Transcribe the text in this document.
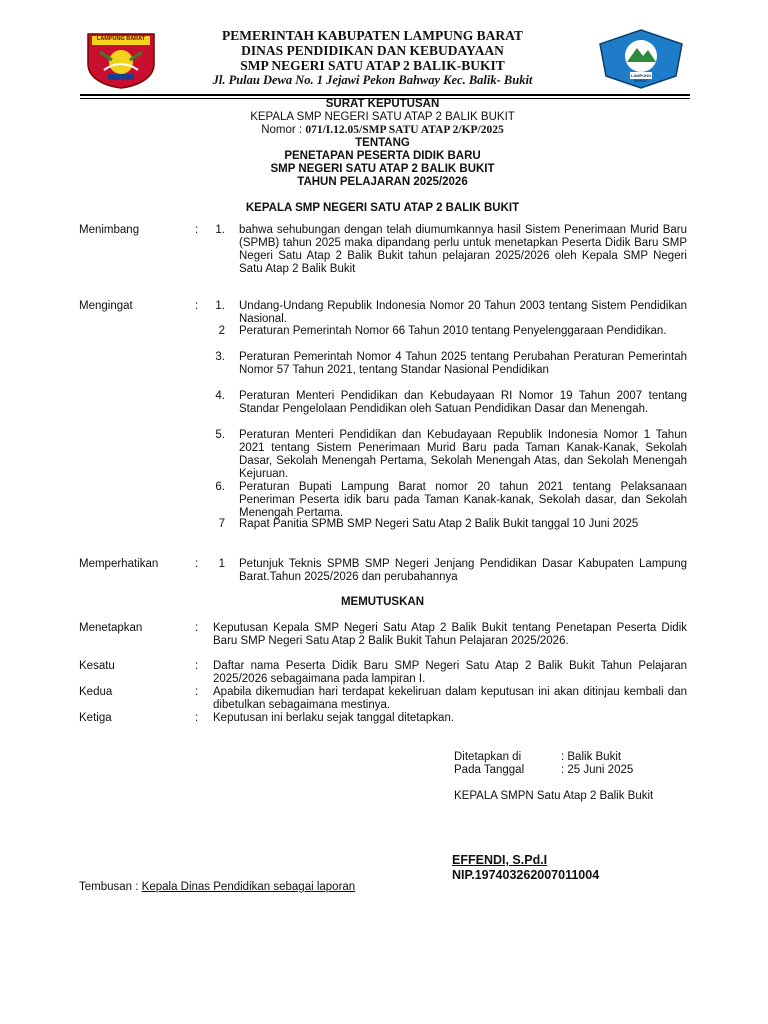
LAMPUNG BARAT
LAMPUNG BARAT
PEMERINTAH KABUPATEN LAMPUNG BARAT
DINAS PENDIDIKAN DAN KEBUDAYAAN
SMP NEGERI SATU ATAP 2 BALIK-BUKIT
Jl. Pulau Dewa No. 1 Jejawi Pekon Bahway Kec. Balik- Bukit
SURAT KEPUTUSAN
KEPALA SMP NEGERI SATU ATAP 2 BALIK BUKIT
Nomor : 071/I.12.05/SMP SATU ATAP 2/KP/2025
TENTANG
PENETAPAN PESERTA DIDIK BARU
SMP NEGERI SATU ATAP 2 BALIK BUKIT
TAHUN PELAJARAN 2025/2026
KEPALA SMP NEGERI SATU ATAP 2 BALIK BUKIT
Menimbang	:	1. bahwa sehubungan dengan telah diumumkannya hasil Sistem Penerimaan Murid Baru (SPMB) tahun 2025 maka dipandang perlu untuk menetapkan Peserta Didik Baru SMP Negeri Satu Atap 2 Balik Bukit tahun pelajaran 2025/2026 oleh Kepala SMP Negeri Satu Atap 2 Balik Bukit
Mengingat	:	1. Undang-Undang Republik Indonesia Nomor 20 Tahun 2003 tentang Sistem Pendidikan Nasional.
2 Peraturan Pemerintah Nomor 66 Tahun 2010 tentang Penyelenggaraan Pendidikan.
3. Peraturan Pemerintah Nomor 4 Tahun 2025 tentang Perubahan Peraturan Pemerintah Nomor 57 Tahun 2021, tentang Standar Nasional Pendidikan
4. Peraturan Menteri Pendidikan dan Kebudayaan RI Nomor 19 Tahun 2007 tentang Standar Pengelolaan Pendidikan oleh Satuan Pendidikan Dasar dan Menengah.
5. Peraturan Menteri Pendidikan dan Kebudayaan Republik Indonesia Nomor 1 Tahun 2021 tentang Sistem Penerimaan Murid Baru pada Taman Kanak-Kanak, Sekolah Dasar, Sekolah Menengah Pertama, Sekolah Menengah Atas, dan Sekolah Menengah Kejuruan.
6. Peraturan Bupati Lampung Barat nomor 20 tahun 2021 tentang Pelaksanaan Peneriman Peserta idik baru pada Taman Kanak-kanak, Sekolah dasar, dan Sekolah Menengah Pertama.
7 Rapat Panitia SPMB SMP Negeri Satu Atap 2 Balik Bukit tanggal 10 Juni 2025
Memperhatikan	:	1 Petunjuk Teknis SPMB SMP Negeri Jenjang Pendidikan Dasar Kabupaten Lampung Barat.Tahun 2025/2026 dan perubahannya
MEMUTUSKAN
Menetapkan	: Keputusan Kepala SMP Negeri Satu Atap 2 Balik Bukit tentang Penetapan Peserta Didik Baru SMP Negeri Satu Atap 2 Balik Bukit Tahun Pelajaran 2025/2026.
Kesatu	: Daftar nama Peserta Didik Baru SMP Negeri Satu Atap 2 Balik Bukit Tahun Pelajaran 2025/2026 sebagaimana pada lampiran I.
Kedua	: Apabila dikemudian hari terdapat kekeliruan dalam keputusan ini akan ditinjau kembali dan dibetulkan sebagaimana mestinya.
Ketiga	: Keputusan ini berlaku sejak tanggal ditetapkan.
Ditetapkan di	: Balik Bukit
Pada Tanggal	: 25 Juni 2025
KEPALA SMPN Satu Atap 2 Balik Bukit
EFFENDI, S.Pd.I
NIP.197403262007011004
Tembusan : Kepala Dinas Pendidikan sebagai laporan
